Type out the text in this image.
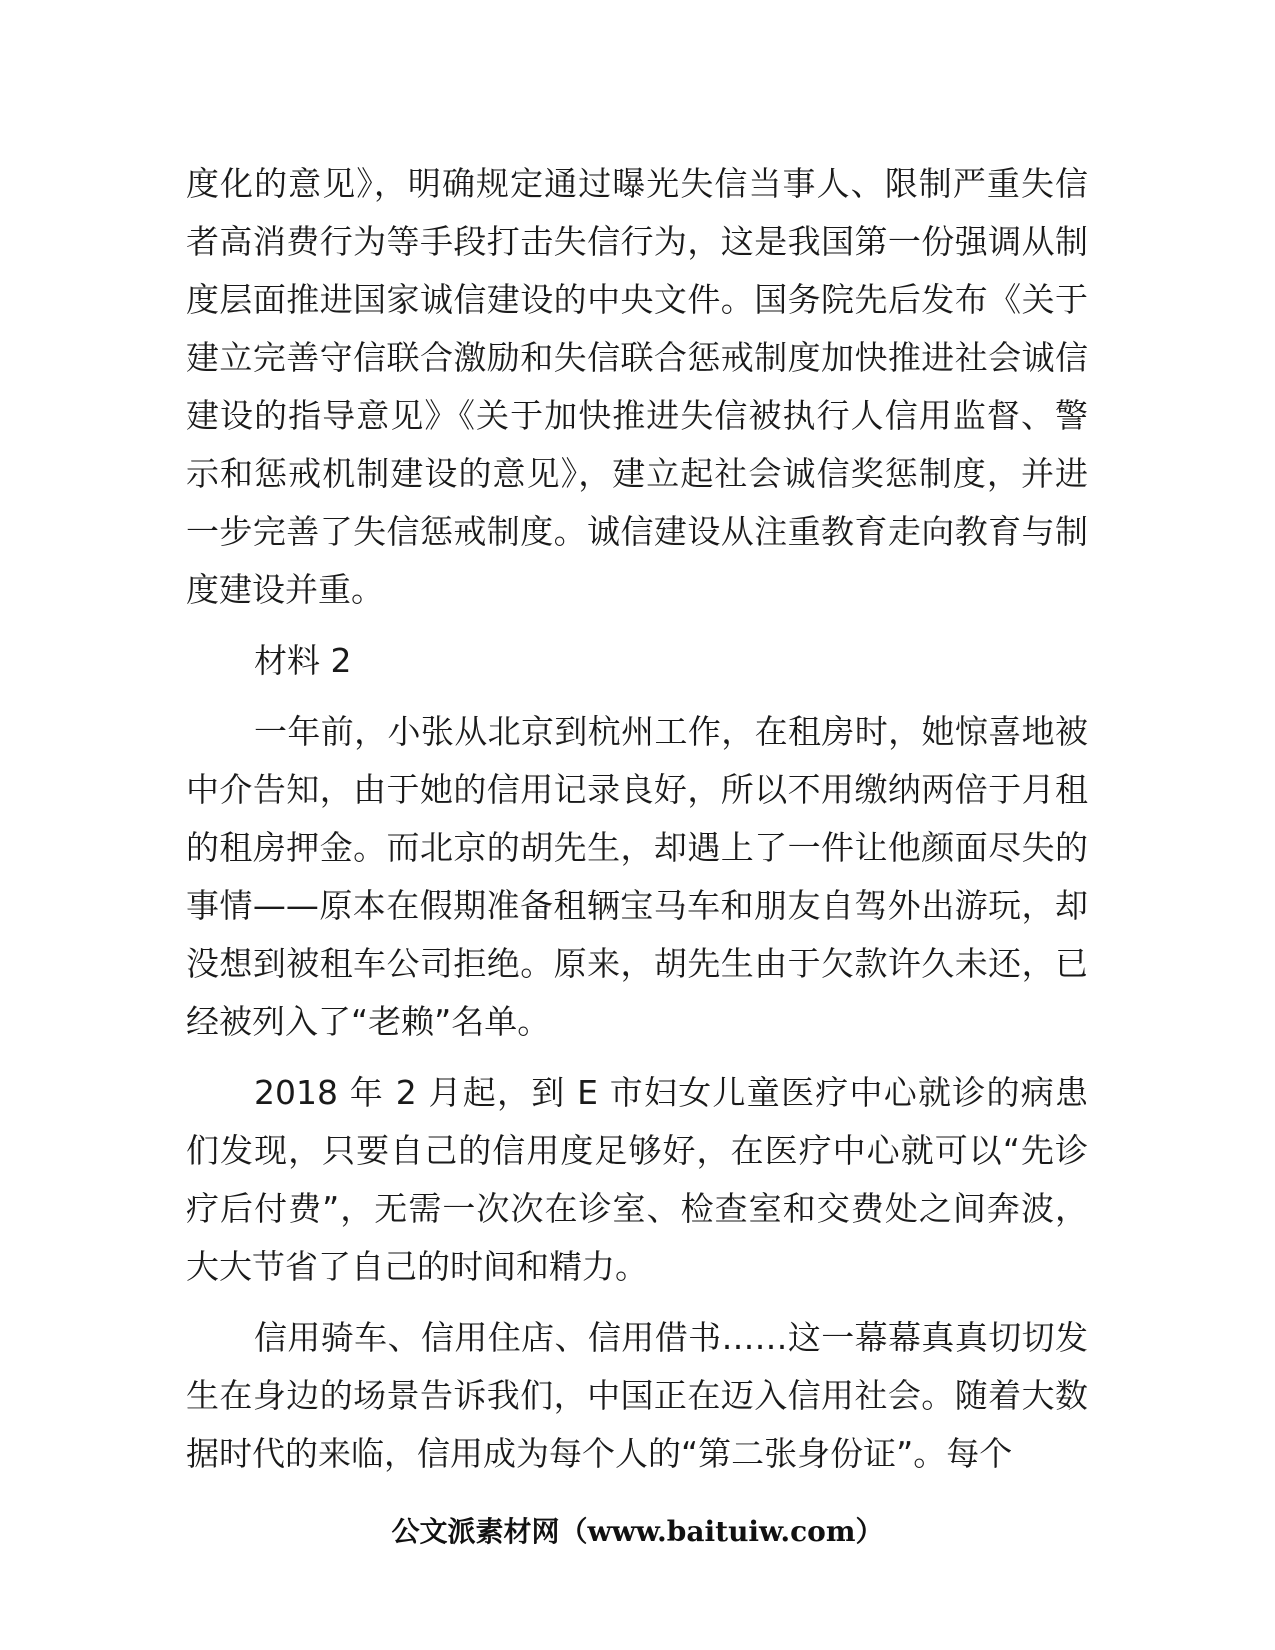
度化的意见》，明确规定通过曝光失信当事人、限制严重失信者高消费行为等手段打击失信行为，这是我国第一份强调从制度层面推进国家诚信建设的中央文件。国务院先后发布《关于建立完善守信联合激励和失信联合惩戒制度加快推进社会诚信建设的指导意见》《关于加快推进失信被执行人信用监督、警示和惩戒机制建设的意见》，建立起社会诚信奖惩制度，并进一步完善了失信惩戒制度。诚信建设从注重教育走向教育与制度建设并重。

材料 2

一年前，小张从北京到杭州工作，在租房时，她惊喜地被中介告知，由于她的信用记录良好，所以不用缴纳两倍于月租的租房押金。而北京的胡先生，却遇上了一件让他颜面尽失的事情——原本在假期准备租辆宝马车和朋友自驾外出游玩，却没想到被租车公司拒绝。原来，胡先生由于欠款许久未还，已经被列入了“老赖”名单。

2018 年 2 月起，到 E 市妇女儿童医疗中心就诊的病患们发现，只要自己的信用度足够好，在医疗中心就可以“先诊疗后付费”，无需一次次在诊室、检查室和交费处之间奔波，大大节省了自己的时间和精力。

信用骑车、信用住店、信用借书……这一幕幕真真切切发生在身边的场景告诉我们，中国正在迈入信用社会。随着大数据时代的来临，信用成为每个人的“第二张身份证”。每个

公文派素材网（www.baituiw.com）
